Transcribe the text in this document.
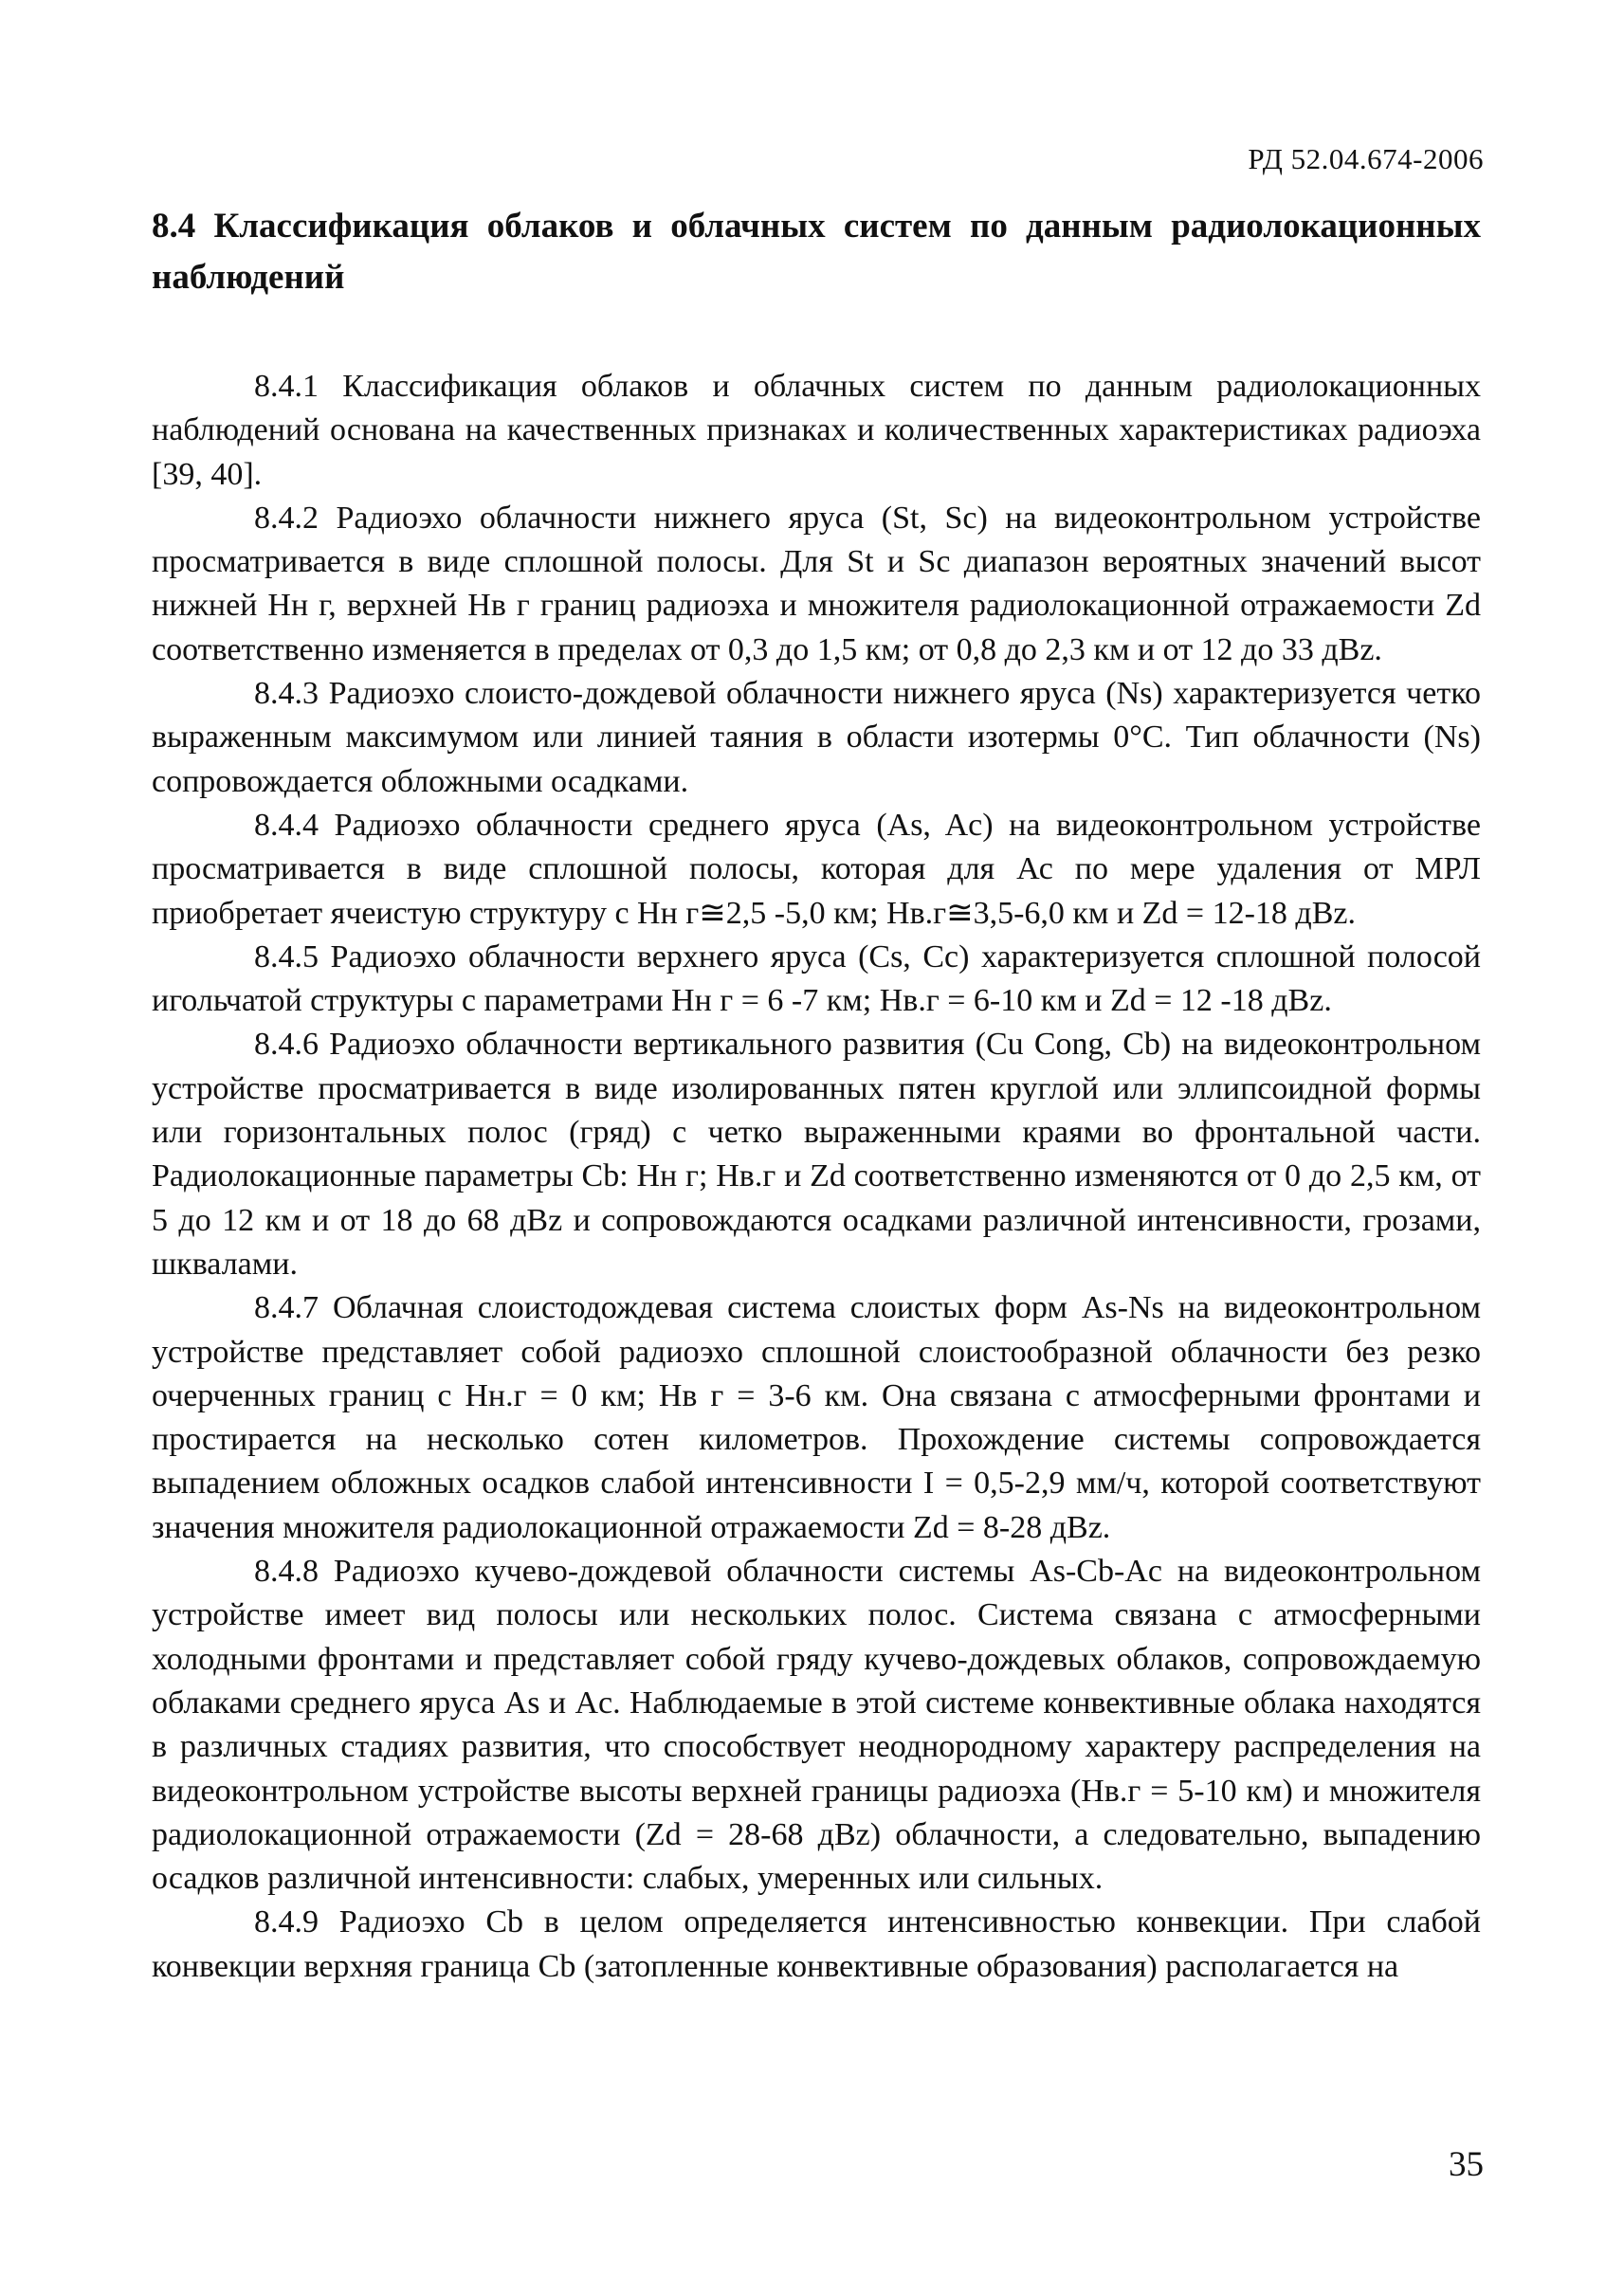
РД 52.04.674-2006
8.4 Классификация облаков и облачных систем по данным радиолокационных наблюдений

8.4.1 Классификация облаков и облачных систем по данным радиолокационных наблюдений основана на качественных признаках и количественных характеристиках радиоэха [39, 40].

8.4.2 Радиоэхо облачности нижнего яруса (St, Sc) на видеоконтрольном устройстве просматривается в виде сплошной полосы. Для St и Sc диапазон вероятных значений высот нижней Hн г, верхней Hв г границ радиоэха и множителя радиолокационной отражаемости Zd соответственно изменяется в пределах от 0,3 до 1,5 км; от 0,8 до 2,3 км и от 12 до 33 дBz.

8.4.3 Радиоэхо слоисто-дождевой облачности нижнего яруса (Ns) характеризуется четко выраженным максимумом или линией таяния в области изотермы 0°С. Тип облачности (Ns) сопровождается обложными осадками.

8.4.4 Радиоэхо облачности среднего яруса (As, Ac) на видеоконтрольном устройстве просматривается в виде сплошной полосы, которая для Ас по мере удаления от МРЛ приобретает ячеистую структуру с Hн г≅2,5 -5,0 км; Hв.г≅3,5-6,0 км и Zd = 12-18 дBz.

8.4.5 Радиоэхо облачности верхнего яруса (Cs, Cc) характеризуется сплошной полосой игольчатой структуры с параметрами Hн г = 6 -7 км; Hв.г = 6-10 км и Zd = 12 -18 дBz.

8.4.6 Радиоэхо облачности вертикального развития (Cu Cong, Cb) на видеоконтрольном устройстве просматривается в виде изолированных пятен круглой или эллипсоидной формы или горизонтальных полос (гряд) с четко выраженными краями во фронтальной части. Радиолокационные параметры Cb: Hн г; Hв.г и Zd соответственно изменяются от 0 до 2,5 км, от 5 до 12 км и от 18 до 68 дBz и сопровождаются осадками различной интенсивности, грозами, шквалами.

8.4.7 Облачная слоистодождевая система слоистых форм As-Ns на видеоконтрольном устройстве представляет собой радиоэхо сплошной слоистообразной облачности без резко очерченных границ с Hн.г = 0 км; Hв г = 3-6 км. Она связана с атмосферными фронтами и простирается на несколько сотен километров. Прохождение системы сопровождается выпадением обложных осадков слабой интенсивности I = 0,5-2,9 мм/ч, которой соответствуют значения множителя радиолокационной отражаемости Zd = 8-28 дBz.

8.4.8 Радиоэхо кучево-дождевой облачности системы As-Cb-Ac на видеоконтрольном устройстве имеет вид полосы или нескольких полос. Система связана с атмосферными холодными фронтами и представляет собой гряду кучево-дождевых облаков, сопровождаемую облаками среднего яруса As и Ac. Наблюдаемые в этой системе конвективные облака находятся в различных стадиях развития, что способствует неоднородному характеру распределения на видеоконтрольном устройстве высоты верхней границы радиоэха (Hв.г = 5-10 км) и множителя радиолокационной отражаемости (Zd = 28-68 дBz) облачности, а следовательно, выпадению осадков различной интенсивности: слабых, умеренных или сильных.

8.4.9 Радиоэхо Cb в целом определяется интенсивностью конвекции. При слабой конвекции верхняя граница Cb (затопленные конвективные образования) располагается на

35
